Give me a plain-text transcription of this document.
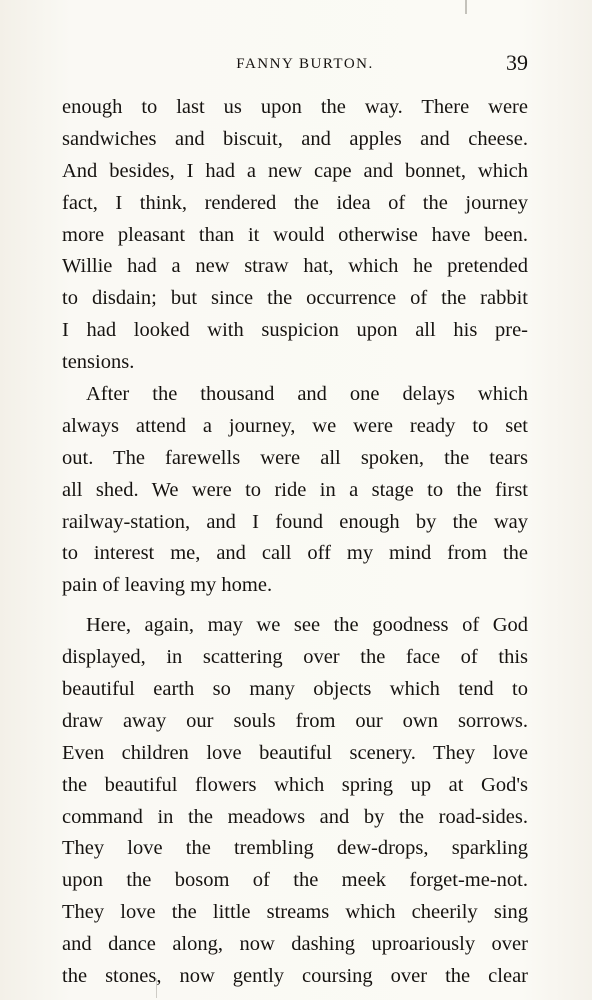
FANNY BURTON.	39
enough to last us upon the way. There were
sandwiches and biscuit, and apples and cheese.
And besides, I had a new cape and bonnet, which
fact, I think, rendered the idea of the journey
more pleasant than it would otherwise have been.
Willie had a new straw hat, which he pretended
to disdain; but since the occurrence of the rabbit
I had looked with suspicion upon all his pre-
tensions.
After the thousand and one delays which
always attend a journey, we were ready to set
out. The farewells were all spoken, the tears
all shed. We were to ride in a stage to the first
railway-station, and I found enough by the way
to interest me, and call off my mind from the
pain of leaving my home.
Here, again, may we see the goodness of God
displayed, in scattering over the face of this
beautiful earth so many objects which tend to
draw away our souls from our own sorrows.
Even children love beautiful scenery. They love
the beautiful flowers which spring up at God's
command in the meadows and by the road-sides.
They love the trembling dew-drops, sparkling
upon the bosom of the meek forget-me-not.
They love the little streams which cheerily sing
and dance along, now dashing uproariously over
the stones, now gently coursing over the clear
